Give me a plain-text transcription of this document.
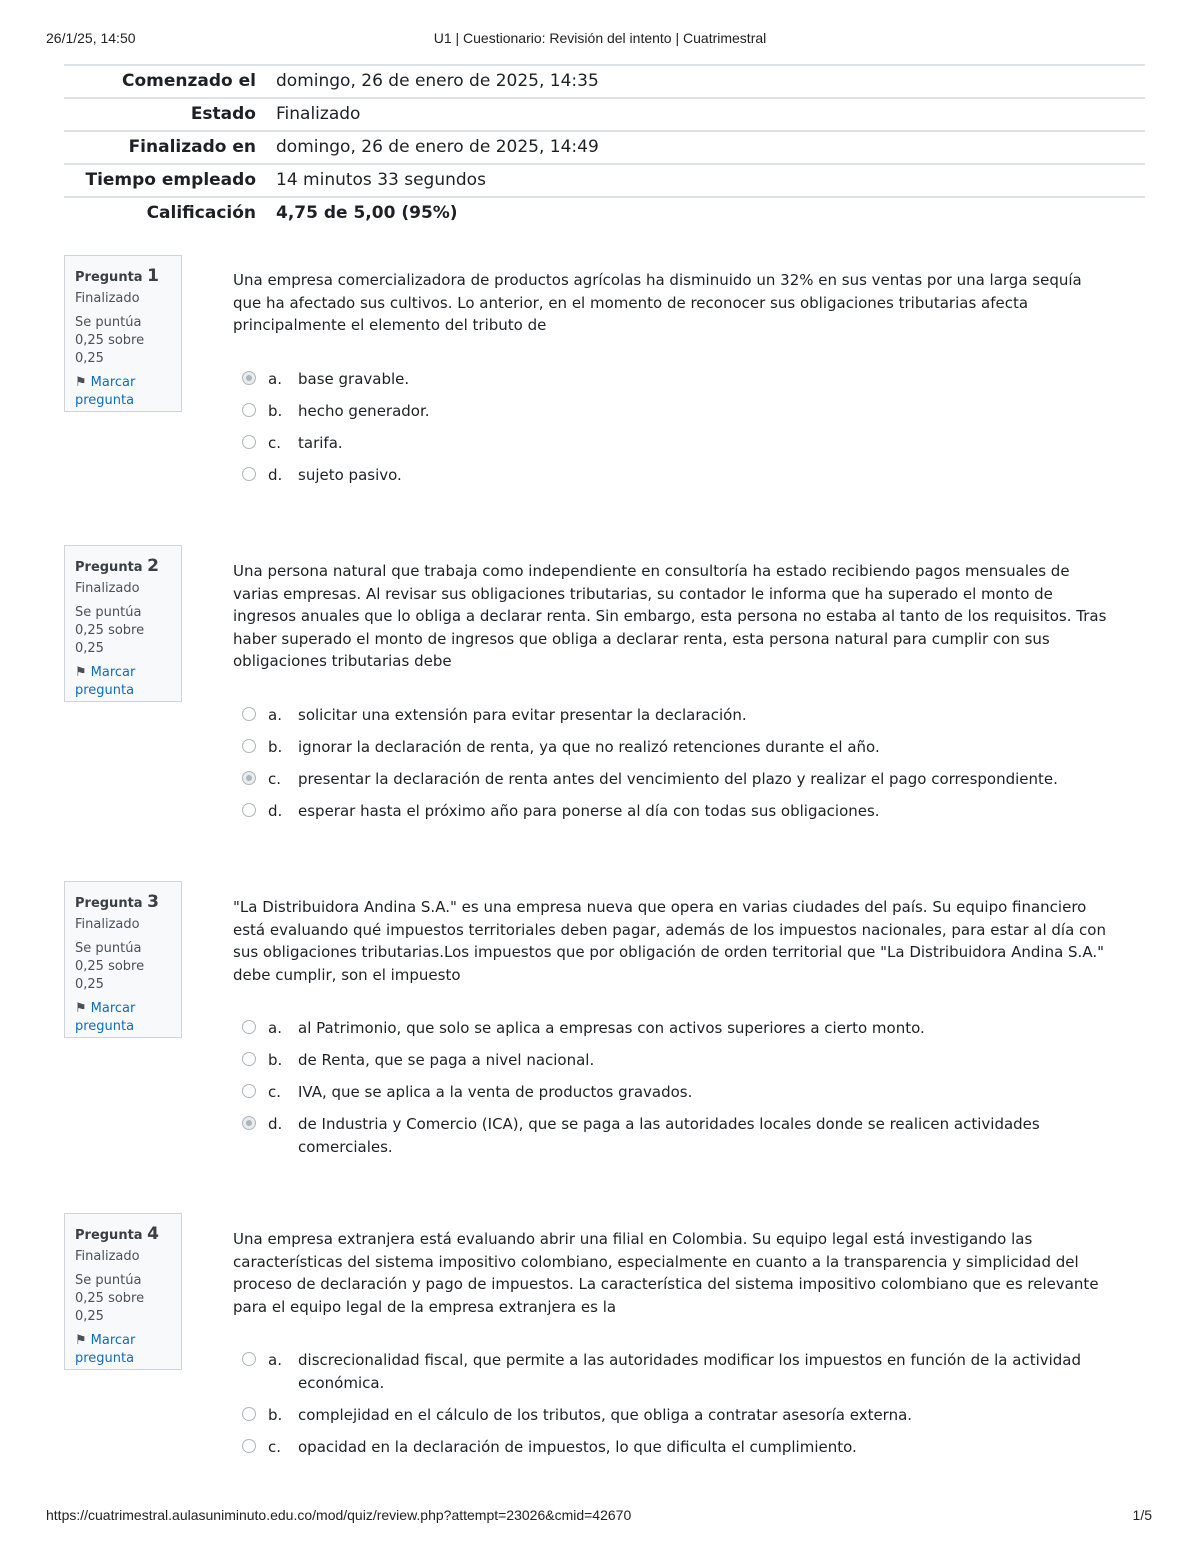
26/1/25, 14:50	U1 | Cuestionario: Revisión del intento | Cuatrimestral
Comenzado el	domingo, 26 de enero de 2025, 14:35
Estado	Finalizado
Finalizado en	domingo, 26 de enero de 2025, 14:49
Tiempo empleado	14 minutos 33 segundos
Calificación	4,75 de 5,00 (95%)
Pregunta 1
Finalizado
Se puntúa 0,25 sobre 0,25
⚑ Marcar pregunta
Una empresa comercializadora de productos agrícolas ha disminuido un 32% en sus ventas por una larga sequía que ha afectado sus cultivos. Lo anterior, en el momento de reconocer sus obligaciones tributarias afecta principalmente el elemento del tributo de
a. base gravable.
b. hecho generador.
c. tarifa.
d. sujeto pasivo.
Pregunta 2
Finalizado
Se puntúa 0,25 sobre 0,25
⚑ Marcar pregunta
Una persona natural que trabaja como independiente en consultoría ha estado recibiendo pagos mensuales de varias empresas. Al revisar sus obligaciones tributarias, su contador le informa que ha superado el monto de ingresos anuales que lo obliga a declarar renta. Sin embargo, esta persona no estaba al tanto de los requisitos. Tras haber superado el monto de ingresos que obliga a declarar renta, esta persona natural para cumplir con sus obligaciones tributarias debe
a. solicitar una extensión para evitar presentar la declaración.
b. ignorar la declaración de renta, ya que no realizó retenciones durante el año.
c. presentar la declaración de renta antes del vencimiento del plazo y realizar el pago correspondiente.
d. esperar hasta el próximo año para ponerse al día con todas sus obligaciones.
Pregunta 3
Finalizado
Se puntúa 0,25 sobre 0,25
⚑ Marcar pregunta
"La Distribuidora Andina S.A." es una empresa nueva que opera en varias ciudades del país. Su equipo financiero está evaluando qué impuestos territoriales deben pagar, además de los impuestos nacionales, para estar al día con sus obligaciones tributarias.Los impuestos que por obligación de orden territorial que "La Distribuidora Andina S.A." debe cumplir, son el impuesto
a. al Patrimonio, que solo se aplica a empresas con activos superiores a cierto monto.
b. de Renta, que se paga a nivel nacional.
c. IVA, que se aplica a la venta de productos gravados.
d. de Industria y Comercio (ICA), que se paga a las autoridades locales donde se realicen actividades comerciales.
Pregunta 4
Finalizado
Se puntúa 0,25 sobre 0,25
⚑ Marcar pregunta
Una empresa extranjera está evaluando abrir una filial en Colombia. Su equipo legal está investigando las características del sistema impositivo colombiano, especialmente en cuanto a la transparencia y simplicidad del proceso de declaración y pago de impuestos. La característica del sistema impositivo colombiano que es relevante para el equipo legal de la empresa extranjera es la
a. discrecionalidad fiscal, que permite a las autoridades modificar los impuestos en función de la actividad económica.
b. complejidad en el cálculo de los tributos, que obliga a contratar asesoría externa.
c. opacidad en la declaración de impuestos, lo que dificulta el cumplimiento.
https://cuatrimestral.aulasuniminuto.edu.co/mod/quiz/review.php?attempt=23026&cmid=42670	1/5
